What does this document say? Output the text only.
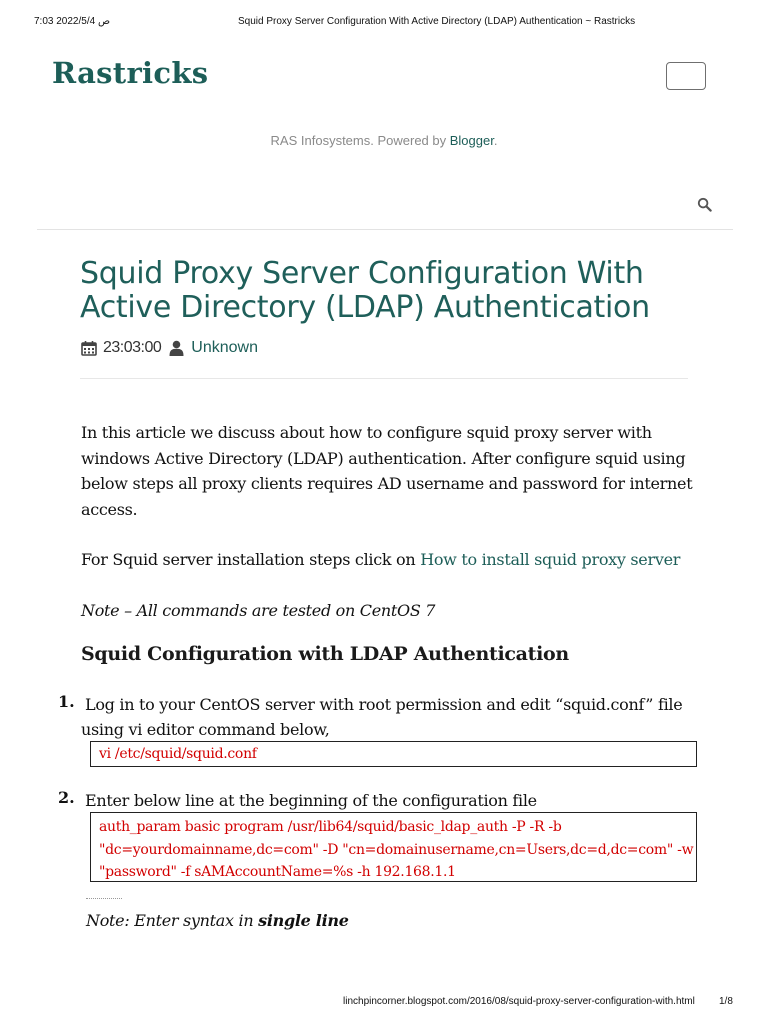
7:03 ص 2022/5/4	Squid Proxy Server Configuration With Active Directory (LDAP) Authentication ~ Rastricks
Rastricks
RAS Infosystems. Powered by Blogger.
Squid Proxy Server Configuration With Active Directory (LDAP) Authentication
23:03:00 Unknown

In this article we discuss about how to configure squid proxy server with windows Active Directory (LDAP) authentication. After configure squid using below steps all proxy clients requires AD username and password for internet access.

For Squid server installation steps click on How to install squid proxy server

Note – All commands are tested on CentOS 7

Squid Configuration with LDAP Authentication
1. Log in to your CentOS server with root permission and edit “squid.conf” file using vi editor command below,

vi /etc/squid/squid.conf
2. Enter below line at the beginning of the configuration file

auth_param basic program /usr/lib64/squid/basic_ldap_auth -P -R -b
"dc=yourdomainname,dc=com" -D "cn=domainusername,cn=Users,dc=d,dc=com" -w
"password" -f sAMAccountName=%s -h 192.168.1.1

Note: Enter syntax in single line

linchpincorner.blogspot.com/2016/08/squid-proxy-server-configuration-with.html 1/8
